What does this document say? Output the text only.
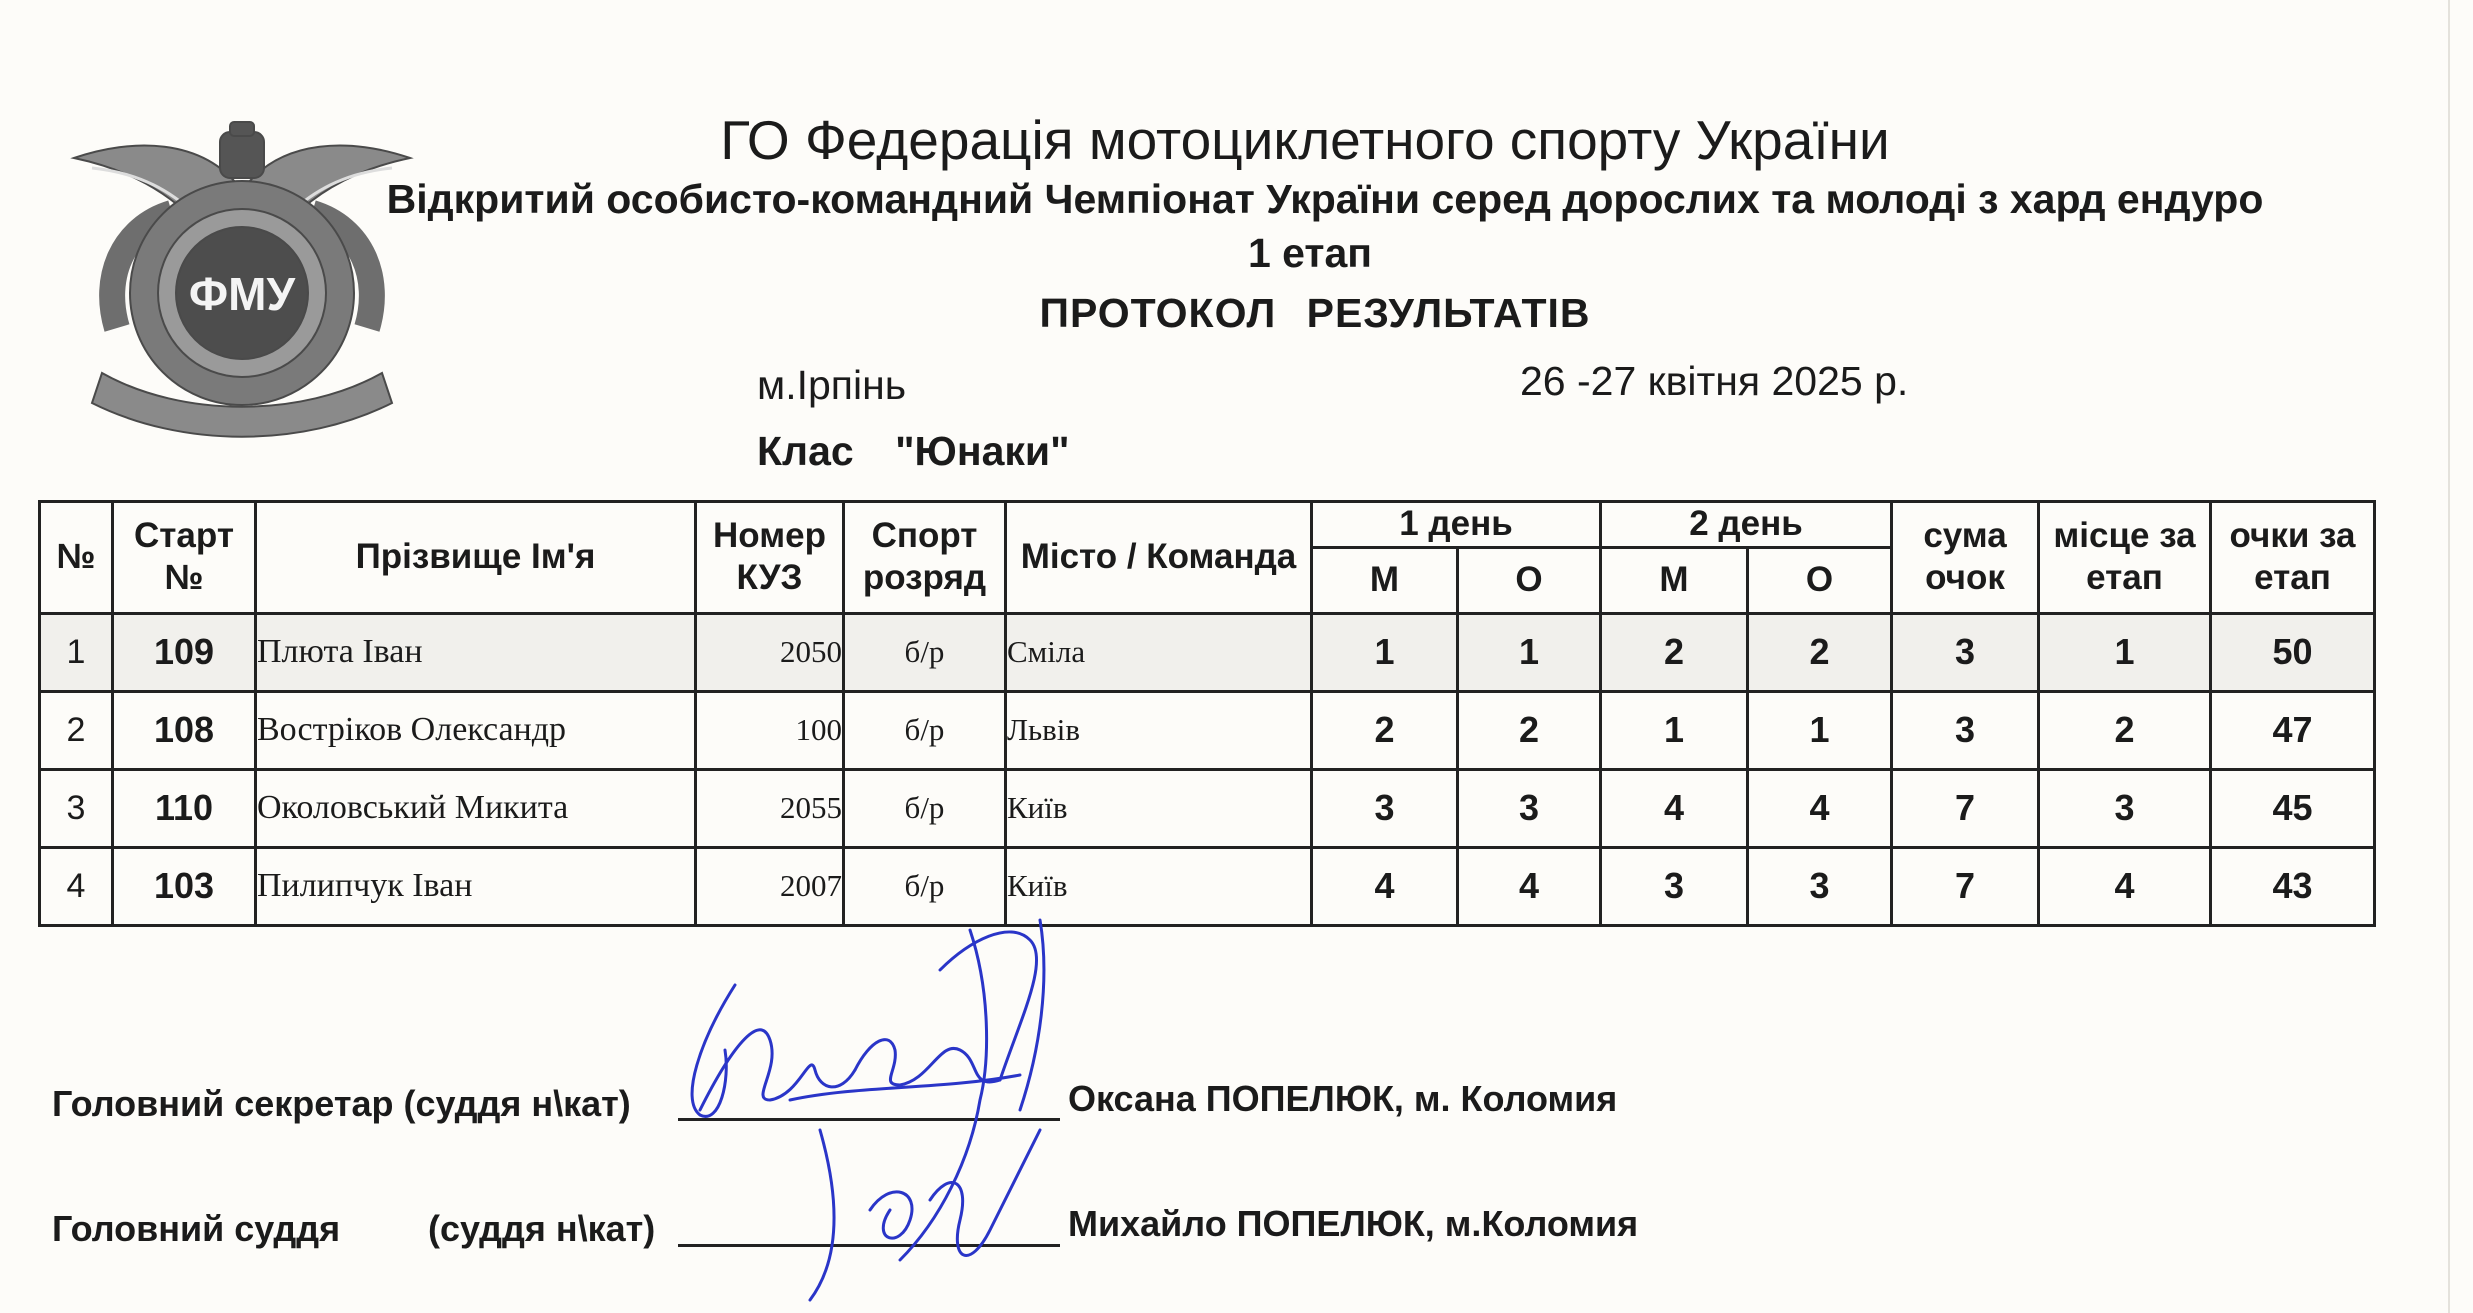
ФМУ
ГО Федерація мотоциклетного спорту України
Відкритий особисто-командний Чемпіонат України серед дорослих та молоді з хард ендуро
1 етап
ПРОТОКОЛ РЕЗУЛЬТАТІВ
м.Ірпінь	26 -27 квітня 2025 р.
Клас "Юнаки"
№	Старт №	Прізвище Ім'я	Номер КУЗ	Спорт розряд	Місто / Команда	1 день		2 день		сума очок	місце за етап	очки за етап
						М	О	М	О			
1	109	Плюта Іван	2050	б/р	Сміла	1	1	2	2	3	1	50
2	108	Востріков Олександр	100	б/р	Львів	2	2	1	1	3	2	47
3	110	Околовський Микита	2055	б/р	Київ	3	3	4	4	7	3	45
4	103	Пилипчук Іван	2007	б/р	Київ	4	4	3	3	7	4	43
Головний секретар (суддя н\кат)	Оксана ПОПЕЛЮК, м. Коломия
Головний суддя (суддя н\кат)	Михайло ПОПЕЛЮК, м.Коломия
